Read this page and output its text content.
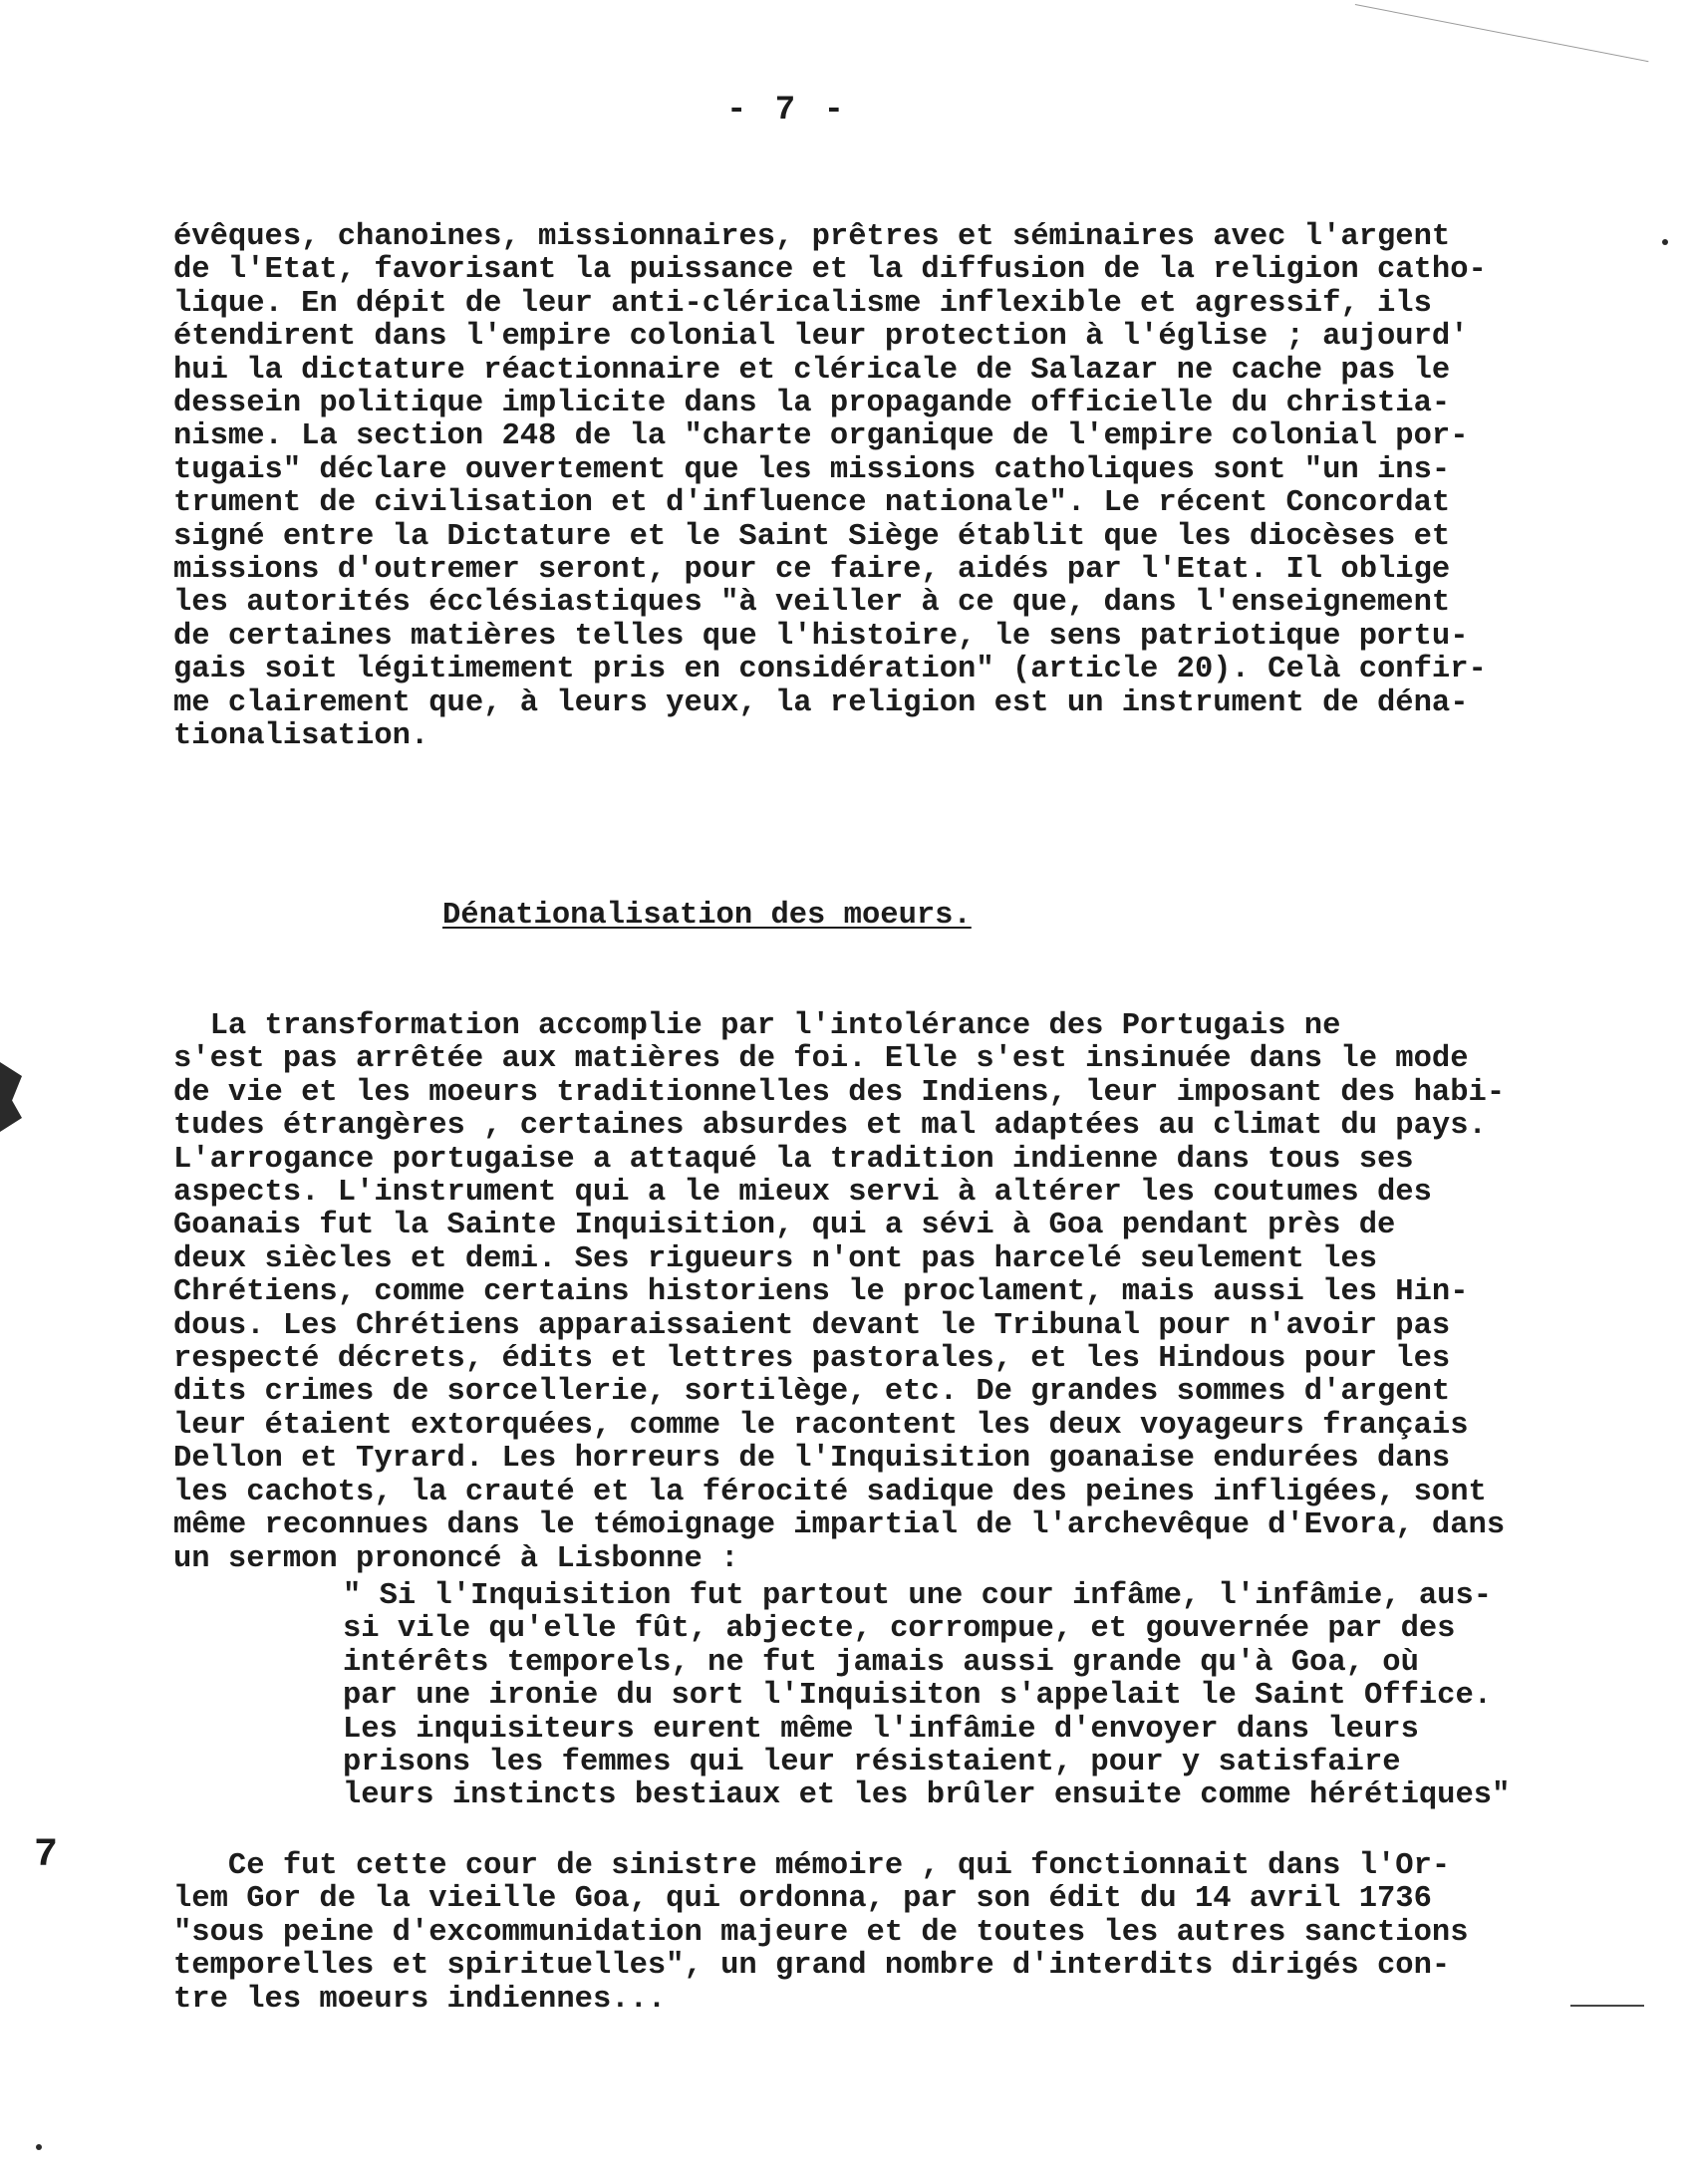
- 7 -

évêques, chanoines, missionnaires, prêtres et séminaires avec l'argent
de l'Etat, favorisant la puissance et la diffusion de la religion catho-
lique. En dépit de leur anti-cléricalisme inflexible et agressif, ils
étendirent dans l'empire colonial leur protection à l'église ; aujourd'
hui la dictature réactionnaire et cléricale de Salazar ne cache pas le
dessein politique implicite dans la propagande officielle du christia-
nisme. La section 248 de la "charte organique de l'empire colonial por-
tugais" déclare ouvertement que les missions catholiques sont "un ins-
trument de civilisation et d'influence nationale". Le récent Concordat
signé entre la Dictature et le Saint Siège établit que les diocèses et
missions d'outremer seront, pour ce faire, aidés par l'Etat. Il oblige
les autorités écclésiastiques "à veiller à ce que, dans l'enseignement
de certaines matières telles que l'histoire, le sens patriotique portu-
gais soit légitimement pris en considération" (article 20). Celà confir-
me clairement que, à leurs yeux, la religion est un instrument de déna-
tionalisation.

Dénationalisation des moeurs.

La transformation accomplie par l'intolérance des Portugais ne
s'est pas arrêtée aux matières de foi. Elle s'est insinuée dans le mode
de vie et les moeurs traditionnelles des Indiens, leur imposant des habi-
tudes étrangères , certaines absurdes et mal adaptées au climat du pays.
L'arrogance portugaise a attaqué la tradition indienne dans tous ses
aspects. L'instrument qui a le mieux servi à altérer les coutumes des
Goanais fut la Sainte Inquisition, qui a sévi à Goa pendant près de
deux siècles et demi. Ses rigueurs n'ont pas harcelé seulement les
Chrétiens, comme certains historiens le proclament, mais aussi les Hin-
dous. Les Chrétiens apparaissaient devant le Tribunal pour n'avoir pas
respecté décrets, édits et lettres pastorales, et les Hindous pour les
dits crimes de sorcellerie, sortilège, etc. De grandes sommes d'argent
leur étaient extorquées, comme le racontent les deux voyageurs français
Dellon et Tyrard. Les horreurs de l'Inquisition goanaise endurées dans
les cachots, la crauté et la férocité sadique des peines infligées, sont
même reconnues dans le témoignage impartial de l'archevêque d'Evora, dans
un sermon prononcé à Lisbonne :

" Si l'Inquisition fut partout une cour infâme, l'infâmie, aus-
si vile qu'elle fût, abjecte, corrompue, et gouvernée par des
intérêts temporels, ne fut jamais aussi grande qu'à Goa, où
par une ironie du sort l'Inquisiton s'appelait le Saint Office.
Les inquisiteurs eurent même l'infâmie d'envoyer dans leurs
prisons les femmes qui leur résistaient, pour y satisfaire
leurs instincts bestiaux et les brûler ensuite comme hérétiques"

Ce fut cette cour de sinistre mémoire , qui fonctionnait dans l'Or-
lem Gor de la vieille Goa, qui ordonna, par son édit du 14 avril 1736
"sous peine d'excommunidation majeure et de toutes les autres sanctions
temporelles et spirituelles", un grand nombre d'interdits dirigés con-
tre les moeurs indiennes...

7
